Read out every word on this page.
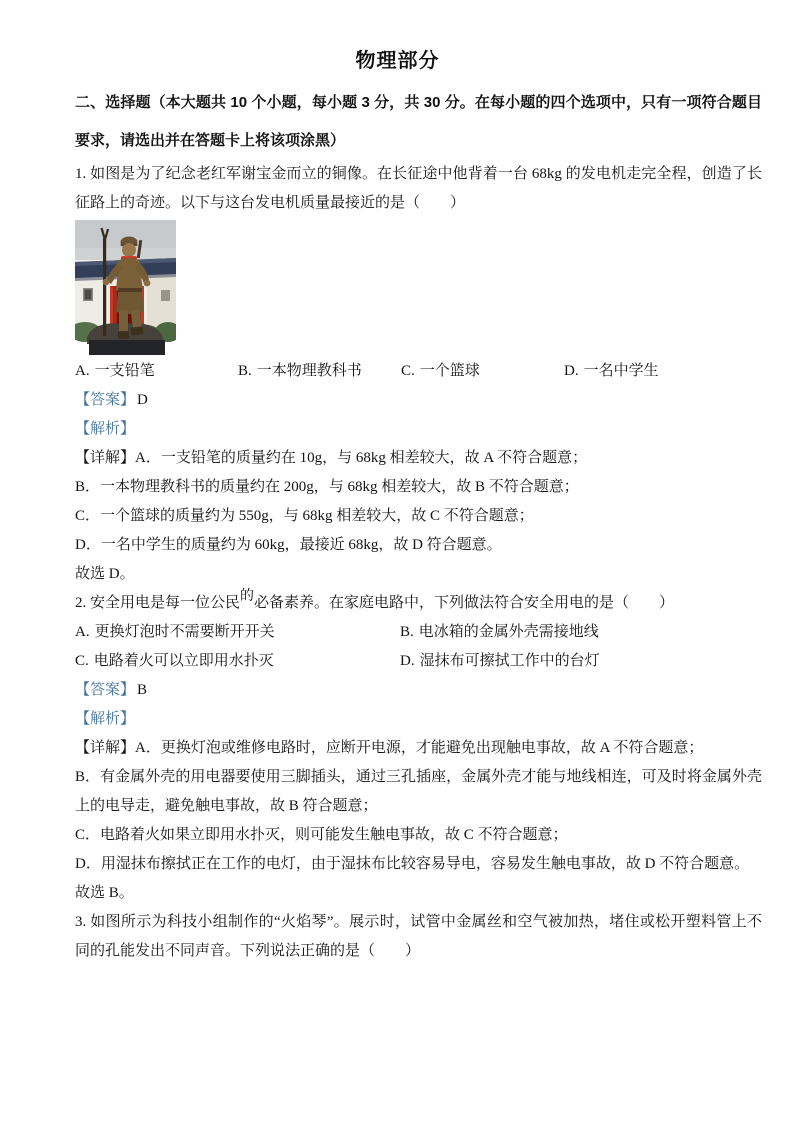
物理部分

二、选择题（本大题共 10 个小题，每小题 3 分，共 30 分。在每小题的四个选项中，只有一项符合题目要求，请选出并在答题卡上将该项涂黑）

1. 如图是为了纪念老红军谢宝金而立的铜像。在长征途中他背着一台 68kg 的发电机走完全程，创造了长征路上的奇迹。以下与这台发电机质量最接近的是（　　）

A. 一支铅笔	B. 一本物理教科书	C. 一个篮球	D. 一名中学生

【答案】 D

【解析】

【详解】A．一支铅笔的质量约在 10g，与 68kg 相差较大，故 A 不符合题意；

B．一本物理教科书的质量约在 200g，与 68kg 相差较大，故 B 不符合题意；

C．一个篮球的质量约为 550g，与 68kg 相差较大，故 C 不符合题意；

D．一名中学生的质量约为 60kg，最接近 68kg，故 D 符合题意。

故选 D。

2. 安全用电是每一位公民的必备素养。在家庭电路中，下列做法符合安全用电的是（　　）

A. 更换灯泡时不需要断开开关	B. 电冰箱的金属外壳需接地线
C. 电路着火可以立即用水扑灭	D. 湿抹布可擦拭工作中的台灯

【答案】 B

【解析】

【详解】A．更换灯泡或维修电路时，应断开电源，才能避免出现触电事故，故 A 不符合题意；

B．有金属外壳的用电器要使用三脚插头，通过三孔插座，金属外壳才能与地线相连，可及时将金属外壳上的电导走，避免触电事故，故 B 符合题意；

C．电路着火如果立即用水扑灭，则可能发生触电事故，故 C 不符合题意；

D．用湿抹布擦拭正在工作的电灯，由于湿抹布比较容易导电，容易发生触电事故，故 D 不符合题意。

故选 B。

3. 如图所示为科技小组制作的“火焰琴”。展示时，试管中金属丝和空气被加热，堵住或松开塑料管上不同的孔能发出不同声音。下列说法正确的是（　　）
